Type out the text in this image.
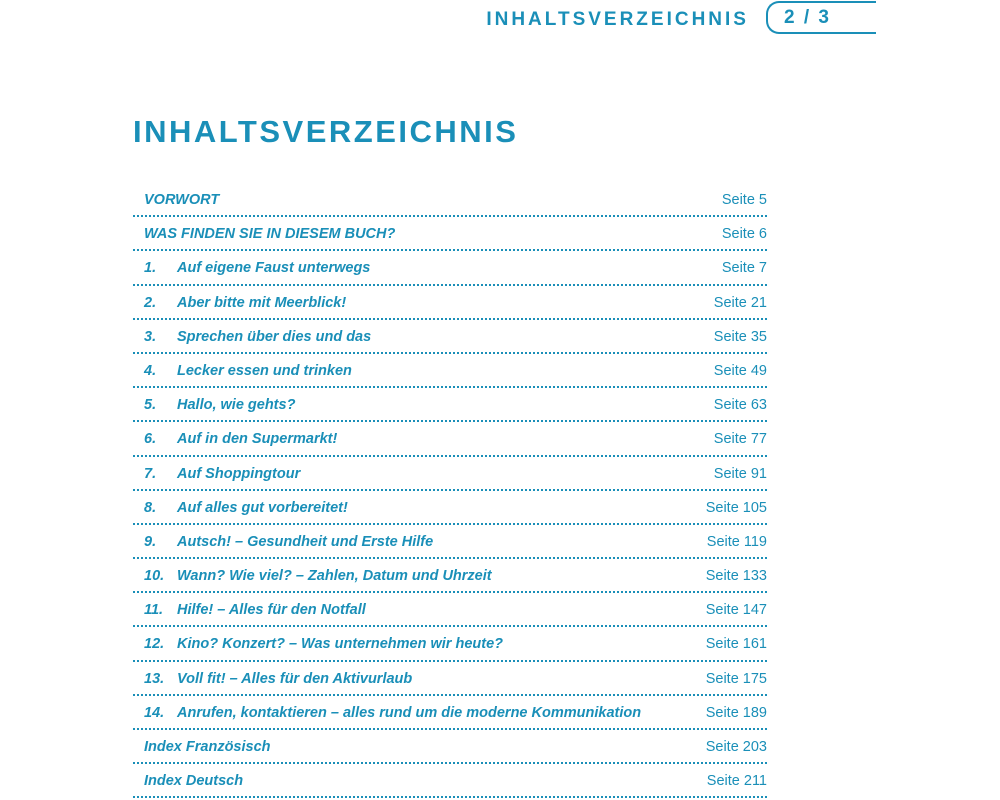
INHALTSVERZEICHNIS 2 / 3
INHALTSVERZEICHNIS
VORWORT	Seite 5
WAS FINDEN SIE IN DIESEM BUCH?	Seite 6
1. Auf eigene Faust unterwegs	Seite 7
2. Aber bitte mit Meerblick!	Seite 21
3. Sprechen über dies und das	Seite 35
4. Lecker essen und trinken	Seite 49
5. Hallo, wie gehts?	Seite 63
6. Auf in den Supermarkt!	Seite 77
7. Auf Shoppingtour	Seite 91
8. Auf alles gut vorbereitet!	Seite 105
9. Autsch! – Gesundheit und Erste Hilfe	Seite 119
10. Wann? Wie viel? – Zahlen, Datum und Uhrzeit	Seite 133
11. Hilfe! – Alles für den Notfall	Seite 147
12. Kino? Konzert? – Was unternehmen wir heute?	Seite 161
13. Voll fit! – Alles für den Aktivurlaub	Seite 175
14. Anrufen, kontaktieren – alles rund um die moderne Kommunikation	Seite 189
Index Französisch	Seite 203
Index Deutsch	Seite 211
